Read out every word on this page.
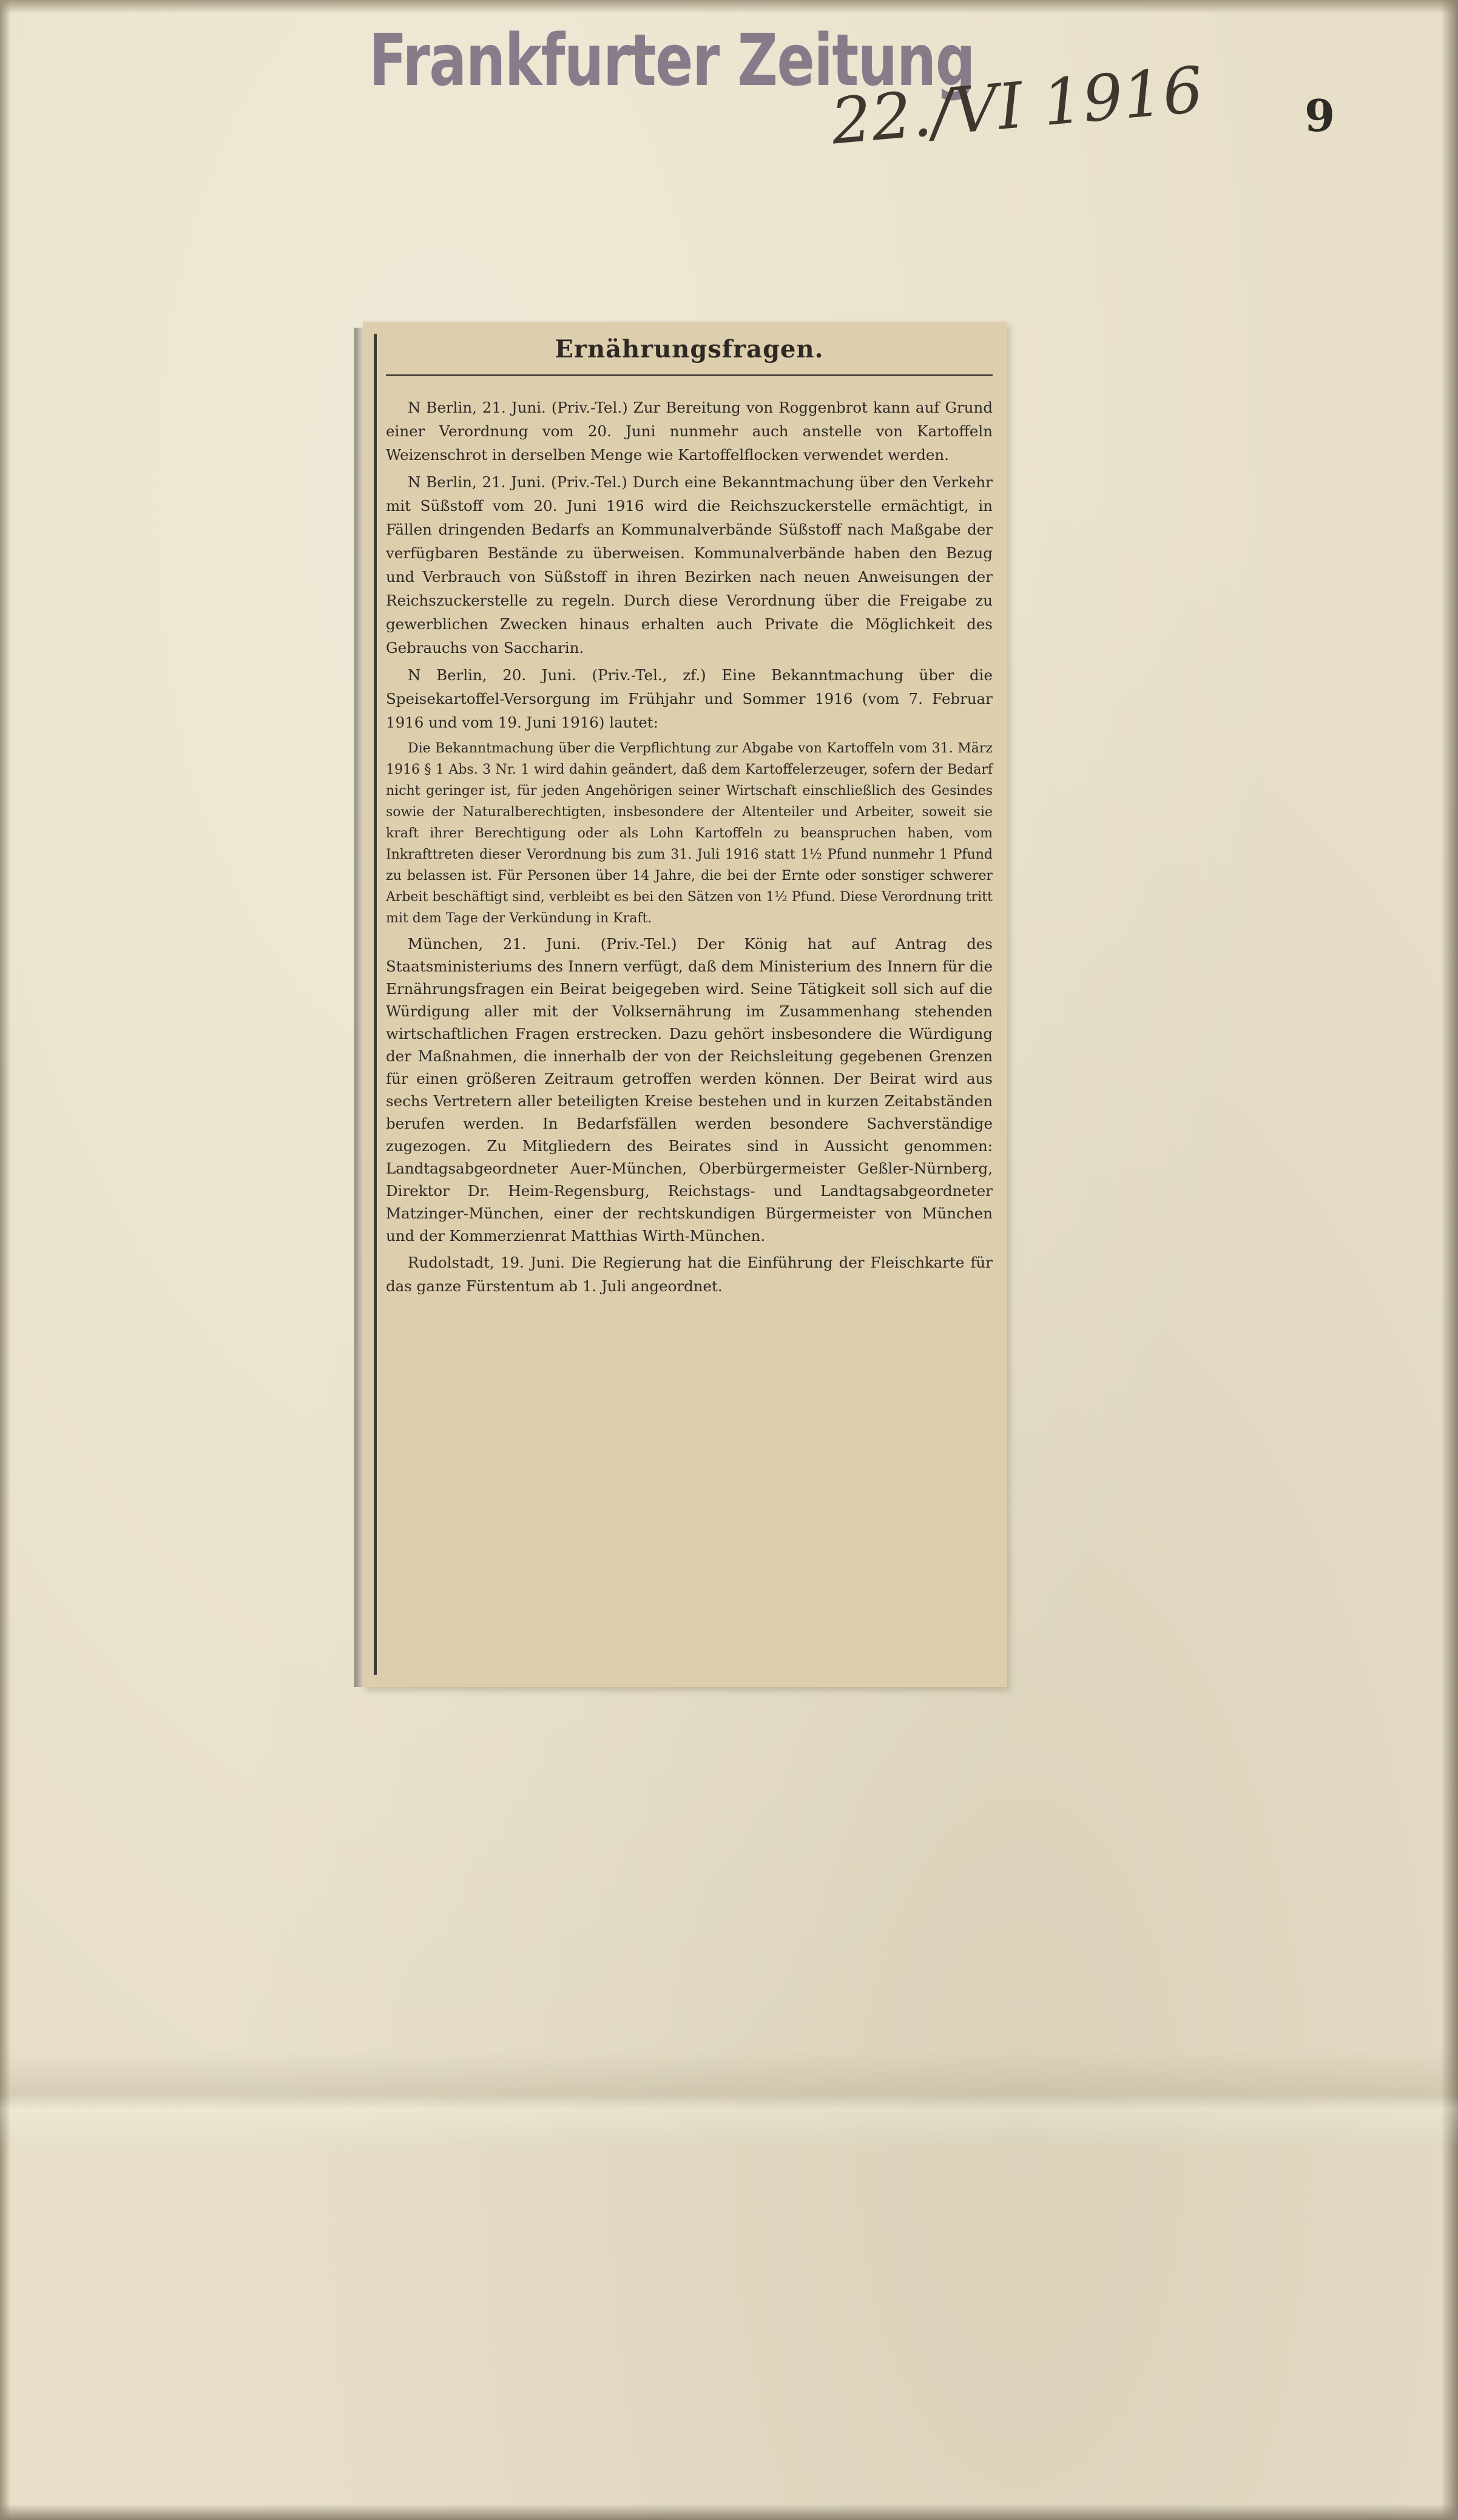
Frankfurter Zeitung
22./VI 1916 9
Ernährungsfragen.

N Berlin, 21. Juni. (Priv.-Tel.) Zur Bereitung von Roggenbrot kann auf Grund einer Verordnung vom 20. Juni nunmehr auch anstelle von Kartoffeln Weizenschrot in derselben Menge wie Kartoffelflocken verwendet werden.

N Berlin, 21. Juni. (Priv.-Tel.) Durch eine Bekanntmachung über den Verkehr mit Süßstoff vom 20. Juni 1916 wird die Reichszuckerstelle ermächtigt, in Fällen dringenden Bedarfs an Kommunalverbände Süßstoff nach Maßgabe der verfügbaren Bestände zu überweisen. Kommunalverbände haben den Bezug und Verbrauch von Süßstoff in ihren Bezirken nach neuen Anweisungen der Reichszuckerstelle zu regeln. Durch diese Verordnung über die Freigabe zu gewerblichen Zwecken hinaus erhalten auch Private die Möglichkeit des Gebrauchs von Saccharin.

N Berlin, 20. Juni. (Priv.-Tel., zf.) Eine Bekanntmachung über die Speisekartoffel-Versorgung im Frühjahr und Sommer 1916 (vom 7. Februar 1916 und vom 19. Juni 1916) lautet:

Die Bekanntmachung über die Verpflichtung zur Abgabe von Kartoffeln vom 31. März 1916 § 1 Abs. 3 Nr. 1 wird dahin geändert, daß dem Kartoffelerzeuger, sofern der Bedarf nicht geringer ist, für jeden Angehörigen seiner Wirtschaft einschließlich des Gesindes sowie der Naturalberechtigten, insbesondere der Altenteiler und Arbeiter, soweit sie kraft ihrer Berechtigung oder als Lohn Kartoffeln zu beanspruchen haben, vom Inkrafttreten dieser Verordnung bis zum 31. Juli 1916 statt 1½ Pfund nunmehr 1 Pfund zu belassen ist. Für Personen über 14 Jahre, die bei der Ernte oder sonstiger schwerer Arbeit beschäftigt sind, verbleibt es bei den Sätzen von 1½ Pfund. Diese Verordnung tritt mit dem Tage der Verkündung in Kraft.

München, 21. Juni. (Priv.-Tel.) Der König hat auf Antrag des Staatsministeriums des Innern verfügt, daß dem Ministerium des Innern für die Ernährungsfragen ein Beirat beigegeben wird. Seine Tätigkeit soll sich auf die Würdigung aller mit der Volksernährung im Zusammenhang stehenden wirtschaftlichen Fragen erstrecken. Dazu gehört insbesondere die Würdigung der Maßnahmen, die innerhalb der von der Reichsleitung gegebenen Grenzen für einen größeren Zeitraum getroffen werden können. Der Beirat wird aus sechs Vertretern aller beteiligten Kreise bestehen und in kurzen Zeitabständen berufen werden. In Bedarfsfällen werden besondere Sachverständige zugezogen. Zu Mitgliedern des Beirates sind in Aussicht genommen: Landtagsabgeordneter Auer-München, Oberbürgermeister Geßler-Nürnberg, Direktor Dr. Heim-Regensburg, Reichstags- und Landtagsabgeordneter Matzinger-München, einer der rechtskundigen Bürgermeister von München und der Kommerzienrat Matthias Wirth-München.

Rudolstadt, 19. Juni. Die Regierung hat die Einführung der Fleischkarte für das ganze Fürstentum ab 1. Juli angeordnet.
